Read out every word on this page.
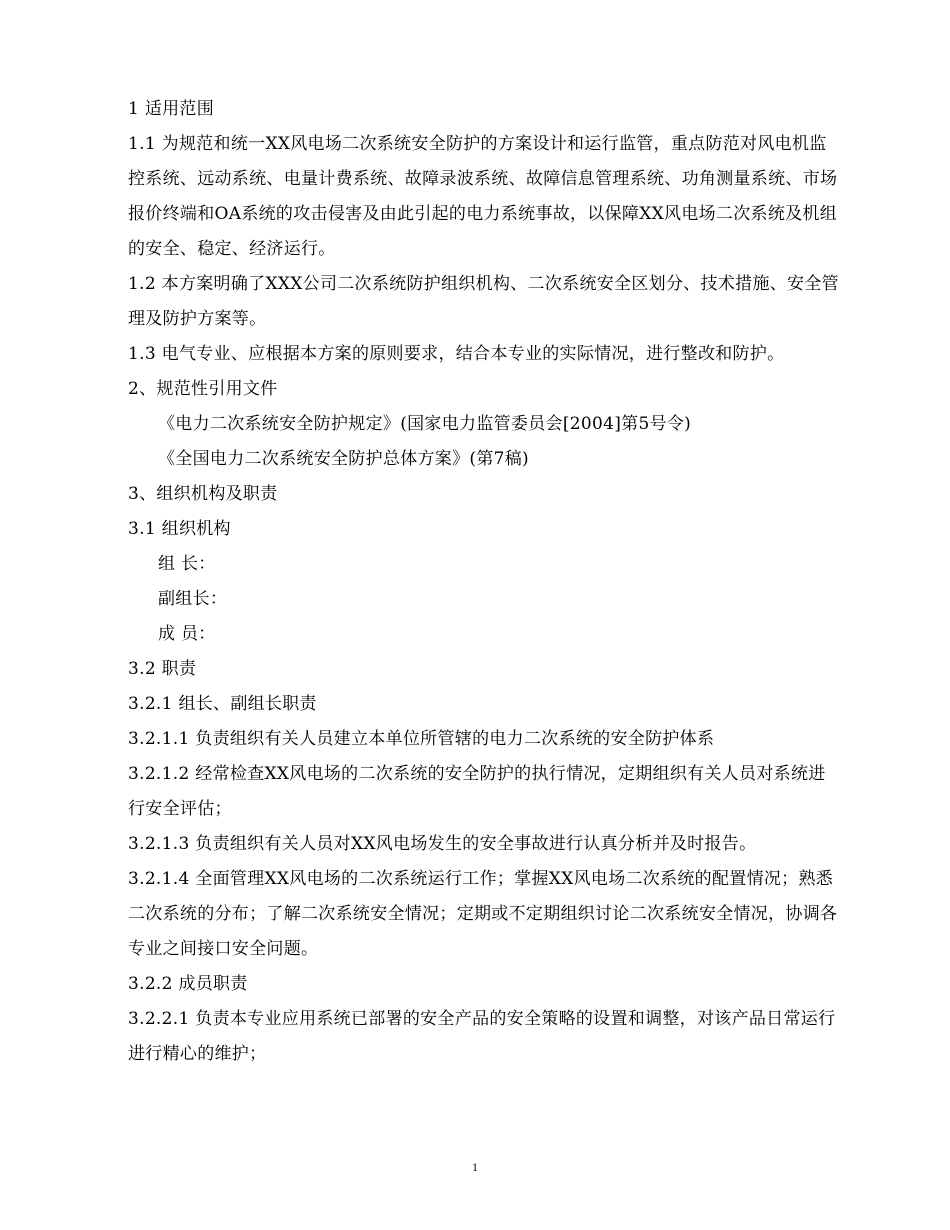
1 适用范围

1.1 为规范和统一XX风电场二次系统安全防护的方案设计和运行监管，重点防范对风电机监控系统、远动系统、电量计费系统、故障录波系统、故障信息管理系统、功角测量系统、市场报价终端和OA系统的攻击侵害及由此引起的电力系统事故，以保障XX风电场二次系统及机组的安全、稳定、经济运行。

1.2 本方案明确了XXX公司二次系统防护组织机构、二次系统安全区划分、技术措施、安全管理及防护方案等。

1.3 电气专业、应根据本方案的原则要求，结合本专业的实际情况，进行整改和防护。

2、规范性引用文件

《电力二次系统安全防护规定》(国家电力监管委员会[2004]第5号令)

《全国电力二次系统安全防护总体方案》(第7稿)

3、组织机构及职责

3.1 组织机构

组 长：

副组长：

成 员：

3.2 职责

3.2.1 组长、副组长职责

3.2.1.1 负责组织有关人员建立本单位所管辖的电力二次系统的安全防护体系

3.2.1.2 经常检查XX风电场的二次系统的安全防护的执行情况，定期组织有关人员对系统进行安全评估；

3.2.1.3 负责组织有关人员对XX风电场发生的安全事故进行认真分析并及时报告。

3.2.1.4 全面管理XX风电场的二次系统运行工作；掌握XX风电场二次系统的配置情况；熟悉二次系统的分布；了解二次系统安全情况；定期或不定期组织讨论二次系统安全情况，协调各专业之间接口安全问题。

3.2.2 成员职责

3.2.2.1 负责本专业应用系统已部署的安全产品的安全策略的设置和调整，对该产品日常运行进行精心的维护；

1
